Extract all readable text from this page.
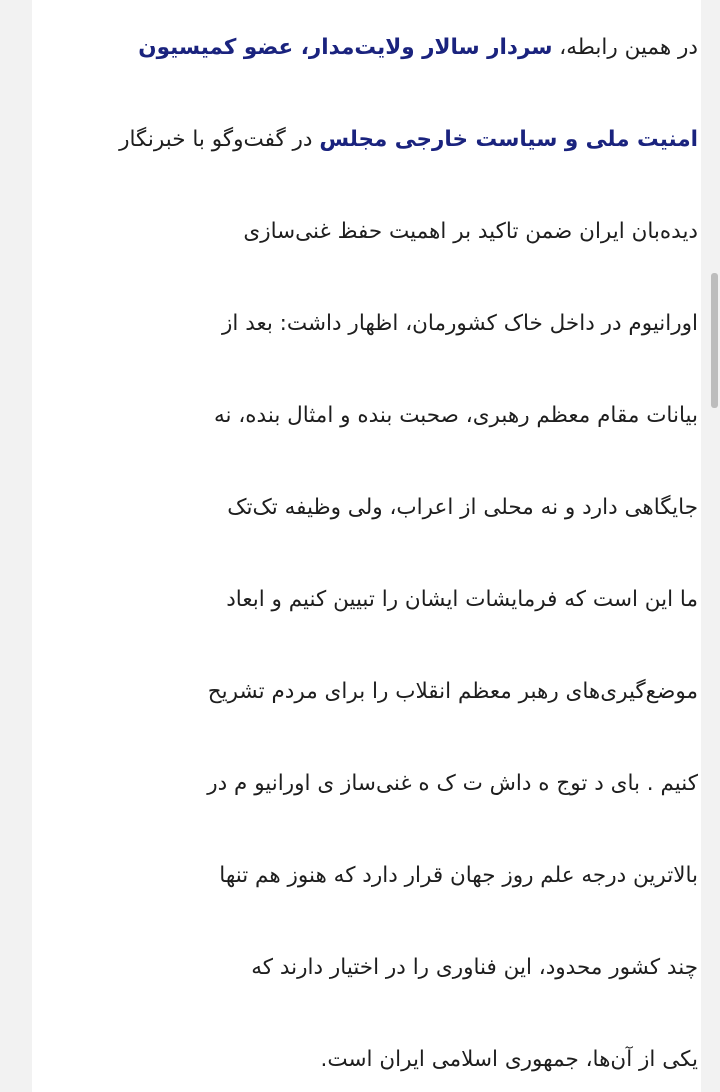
در همین رابطه، سردار سالار ولایت‌مدار، عضو کمیسیون
امنیت ملی و سیاست خارجی مجلس در گفت‌وگو با خبرنگار
دیده‌بان ایران ضمن تاکید بر اهمیت حفظ غنی‌سازی
اورانیوم در داخل خاک کشورمان، اظهار داشت: بعد از
بیانات مقام معظم رهبری، صحبت بنده و امثال بنده، نه
جایگاهی دارد و نه محلی از اعراب، ولی وظیفه تک‌تک
ما این است که فرمایشات ایشان را تبیین کنیم و ابعاد
موضع‌گیری‌های رهبر معظم انقلاب را برای مردم تشریح
کنیم . بای د توج ه داش ت ک ه غنی‌ساز ی اورانیو م در
بالاترین درجه علم روز جهان قرار دارد که هنوز هم تنها
چند کشور محدود، این فناوری را در اختیار دارند که
یکی از آن‌ها، جمهوری اسلامی ایران است.
